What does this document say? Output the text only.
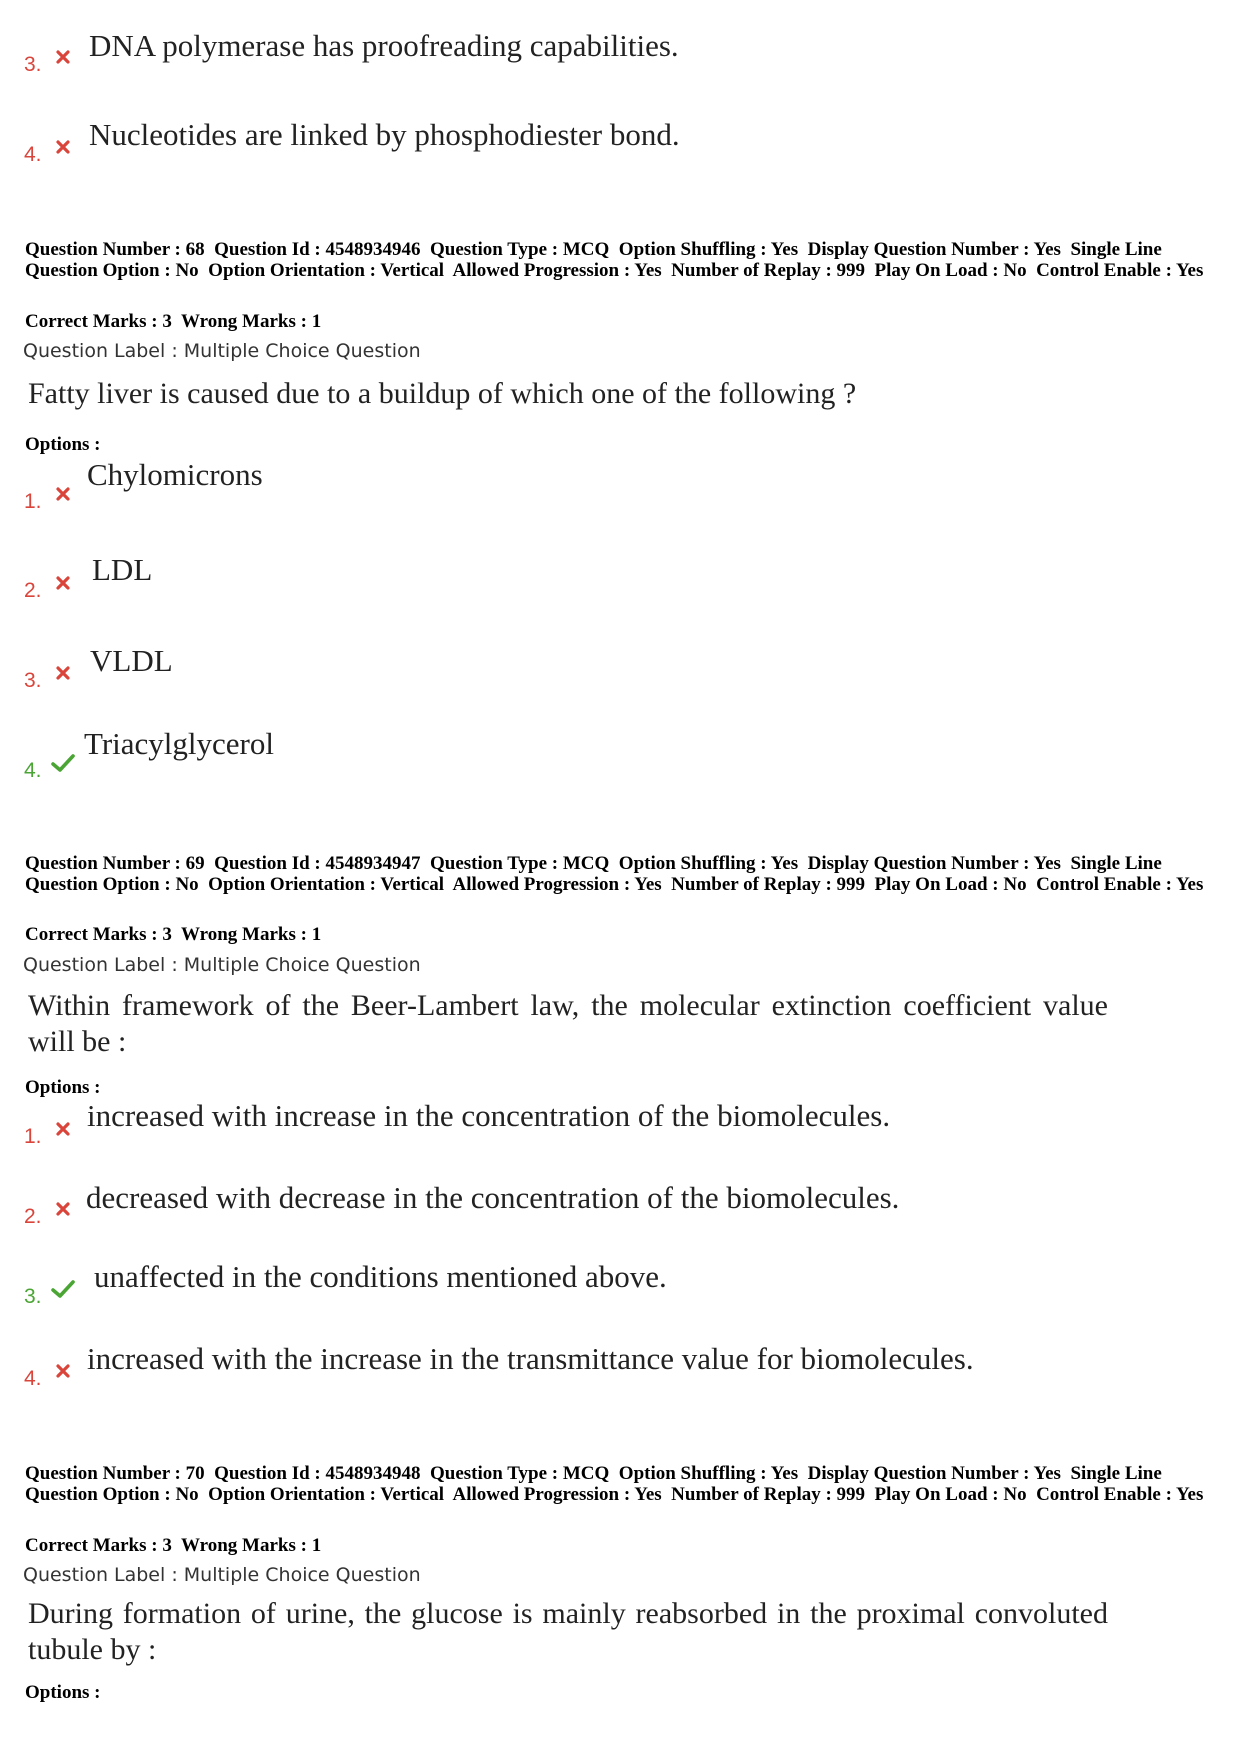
3.
DNA polymerase has proofreading capabilities.
4.
Nucleotides are linked by phosphodiester bond.
Question Number : 68  Question Id : 4548934946  Question Type : MCQ  Option Shuffling : Yes  Display Question Number : Yes  Single Line Question Option : No  Option Orientation : Vertical  Allowed Progression : Yes  Number of Replay : 999  Play On Load : No  Control Enable : Yes
Correct Marks : 3  Wrong Marks : 1
Question Label : Multiple Choice Question
Fatty liver is caused due to a buildup of which one of the following ?
Options :
1.
Chylomicrons
2.
LDL
3.
VLDL
4.
Triacylglycerol
Question Number : 69  Question Id : 4548934947  Question Type : MCQ  Option Shuffling : Yes  Display Question Number : Yes  Single Line Question Option : No  Option Orientation : Vertical  Allowed Progression : Yes  Number of Replay : 999  Play On Load : No  Control Enable : Yes
Correct Marks : 3  Wrong Marks : 1
Question Label : Multiple Choice Question
Within framework of the Beer-Lambert law, the molecular extinction coefficient value will be :
Options :
1.
increased with increase in the concentration of the biomolecules.
2.
decreased with decrease in the concentration of the biomolecules.
3.
unaffected in the conditions mentioned above.
4.
increased with the increase in the transmittance value for biomolecules.
Question Number : 70  Question Id : 4548934948  Question Type : MCQ  Option Shuffling : Yes  Display Question Number : Yes  Single Line Question Option : No  Option Orientation : Vertical  Allowed Progression : Yes  Number of Replay : 999  Play On Load : No  Control Enable : Yes
Correct Marks : 3  Wrong Marks : 1
Question Label : Multiple Choice Question
During formation of urine, the glucose is mainly reabsorbed in the proximal convoluted tubule by :
Options :
